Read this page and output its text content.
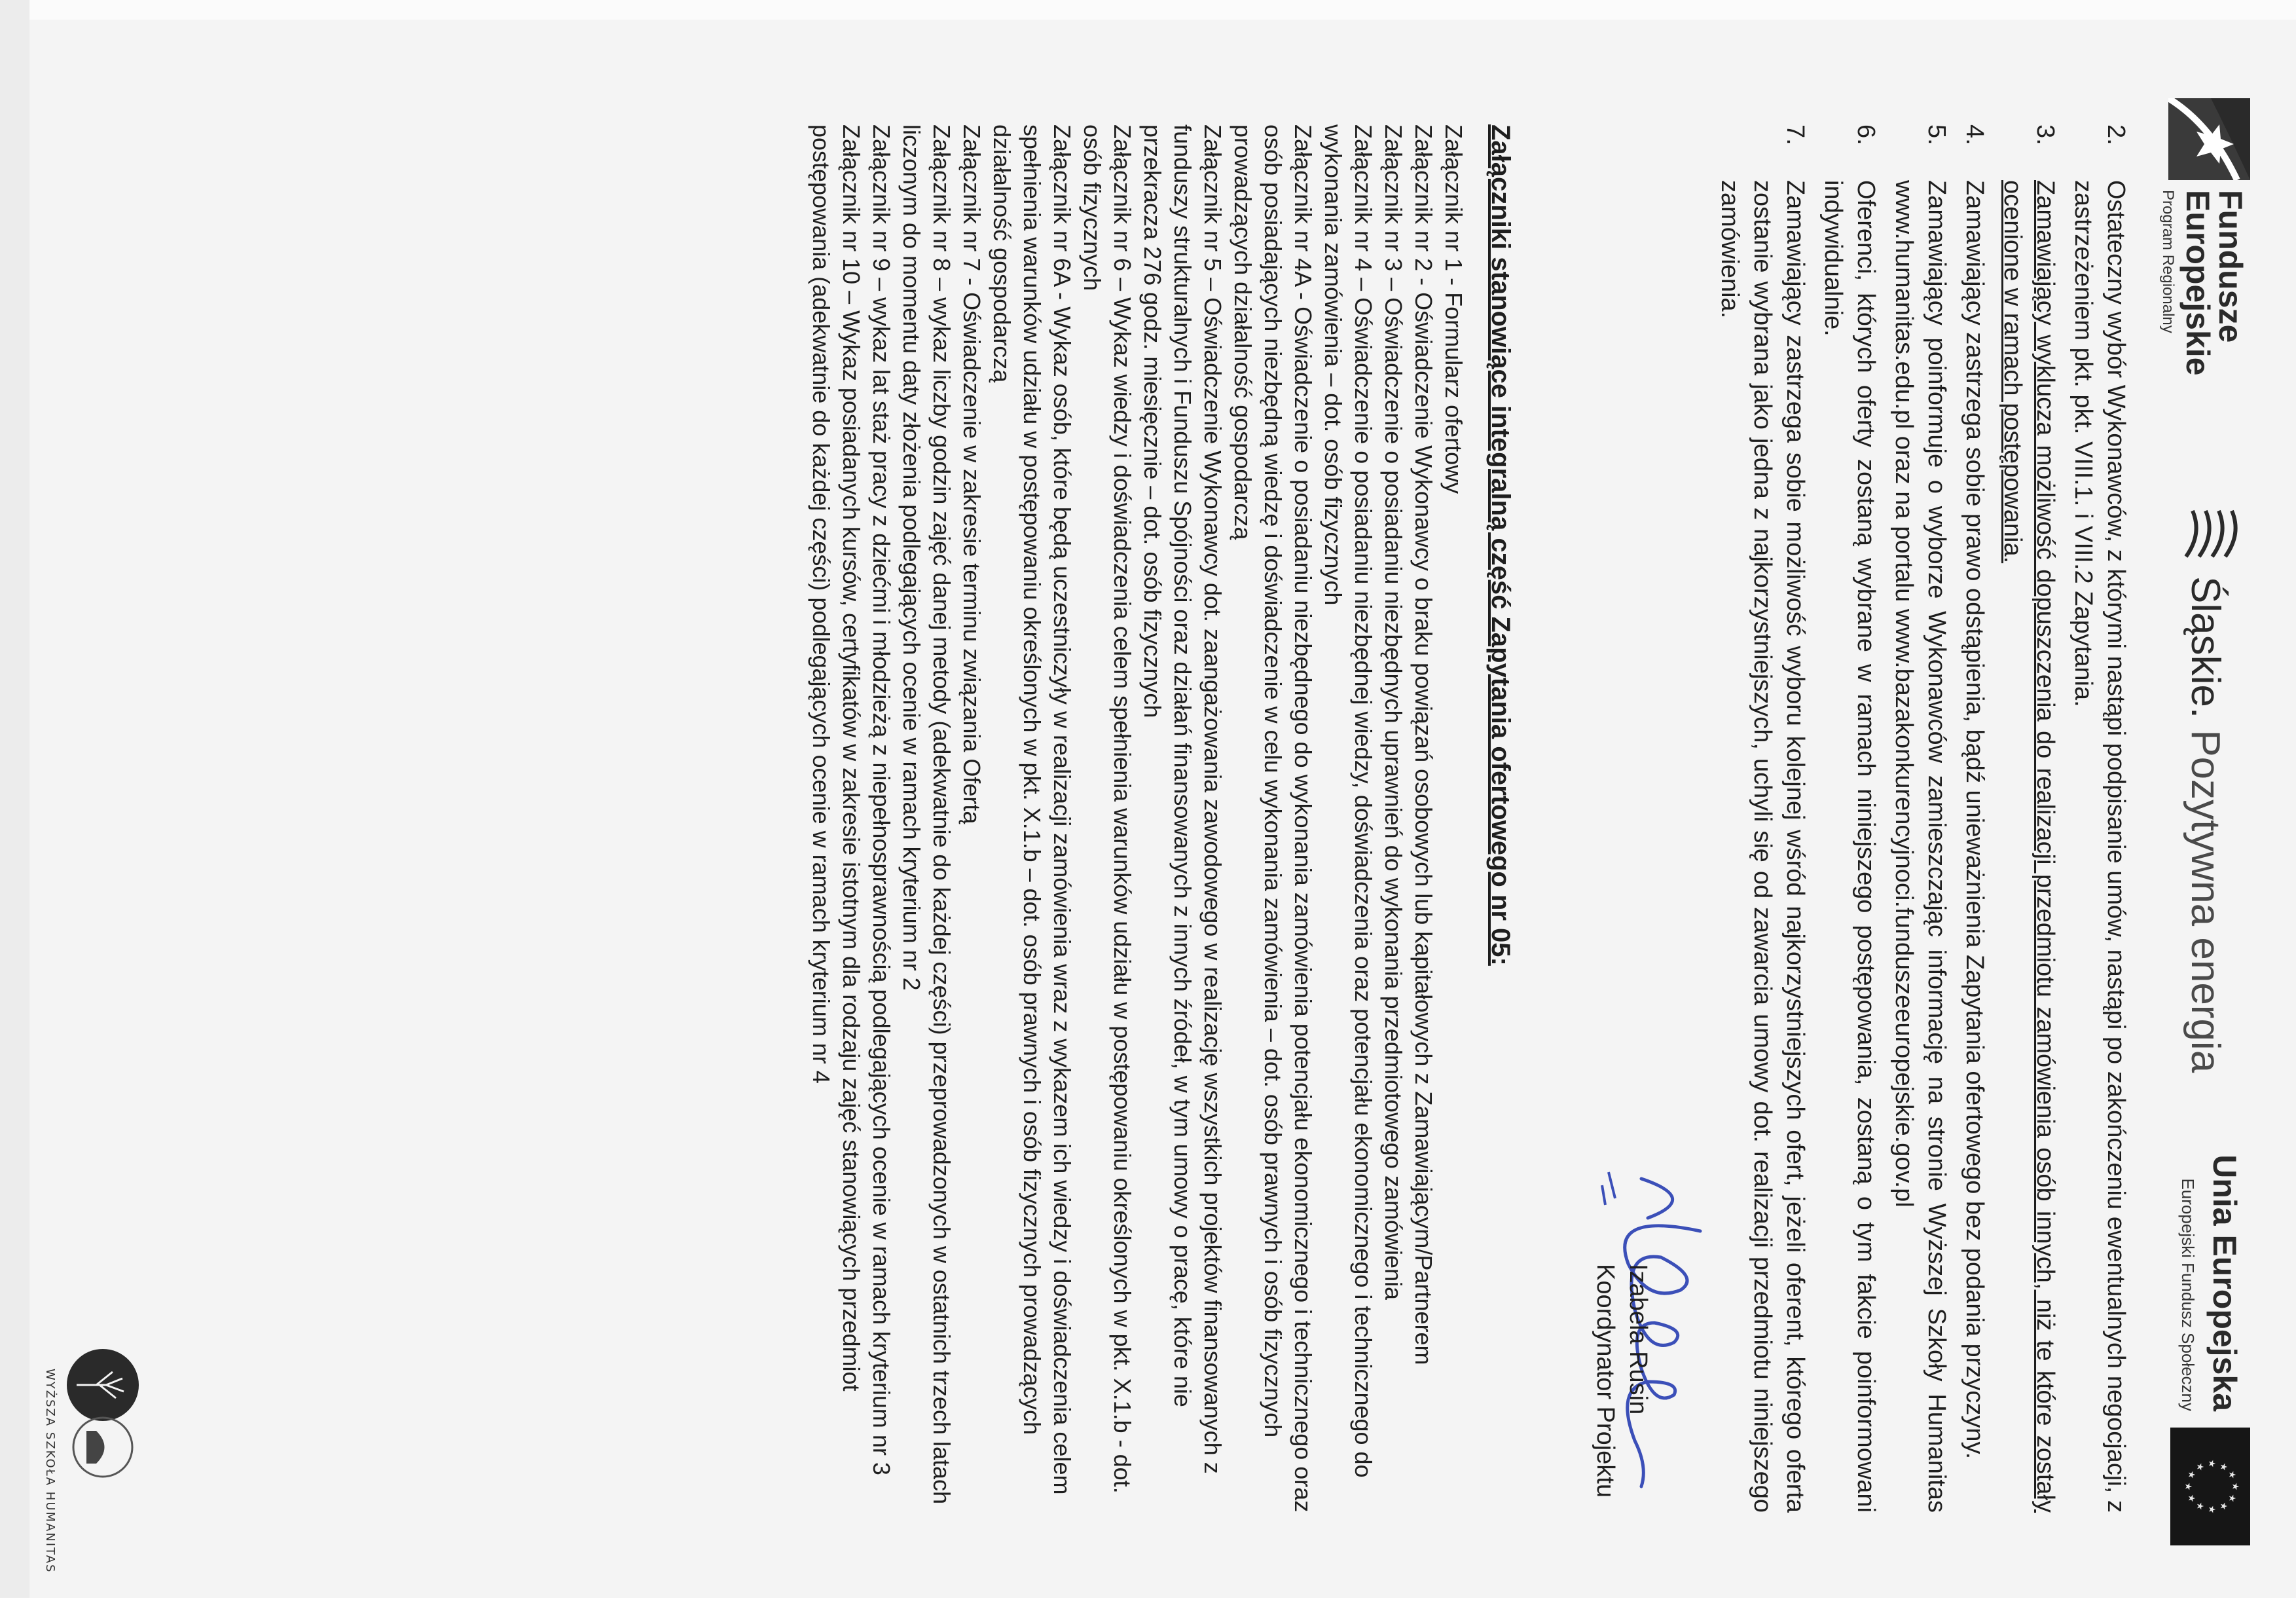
Fundusze
Europejskie
Program Regionalny
Śląskie. Pozytywna energia
Unia Europejska
Europejski Fundusz Społeczny
★
★
★
★
★
★
★
★
★ ★ ★
★
2.

Ostateczny wybór Wykonawców, z którymi nastąpi podpisanie umów, nastąpi po zakończeniu ewentualnych negocjacji, z zastrzeżeniem pkt. pkt. VIII.1. i VIII.2 Zapytania.

3.

Zamawiający wyklucza możliwość dopuszczenia do realizacji przedmiotu zamówienia osób innych, niż te które zostały ocenione w ramach postępowania.

4.

Zamawiający zastrzega sobie prawo odstąpienia, bądź unieważnienia Zapytania ofertowego bez podania przyczyny.

5.

Zamawiający poinformuje o wyborze Wykonawców zamieszczając informację na stronie Wyższej Szkoły Humanitas www.humanitas.edu.pl oraz na portalu www.bazakonkurencyjnoci.funduszeeuropejskie.gov.pl

6.

Oferenci, których oferty zostaną wybrane w ramach niniejszego postępowania, zostaną o tym fakcie poinformowani indywidualnie.

7.

Zamawiający zastrzega sobie możliwość wyboru kolejnej wśród najkorzystniejszych ofert, jeżeli oferent, którego oferta zostanie wybrana jako jedna z najkorzystniejszych, uchyli się od zawarcia umowy dot. realizacji przedmiotu niniejszego zamówienia.

Izabela Rusin
Koordynator Projektu

Załączniki stanowiące integralną część Zapytania ofertowego nr 05:

Załącznik nr 1 - Formularz ofertowy

Załącznik nr 2 - Oświadczenie Wykonawcy o braku powiązań osobowych lub kapitałowych z Zamawiającym/Partnerem

Załącznik nr 3 – Oświadczenie o posiadaniu niezbędnych uprawnień do wykonania przedmiotowego zamówienia

Załącznik nr 4 – Oświadczenie o posiadaniu niezbędnej wiedzy, doświadczenia oraz potencjału ekonomicznego i technicznego do wykonania zamówienia – dot. osób fizycznych

Załącznik nr 4A - Oświadczenie o posiadaniu niezbędnego do wykonania zamówienia potencjału ekonomicznego i technicznego oraz osób posiadających niezbędną wiedzę i doświadczenie w celu wykonania zamówienia – dot. osób prawnych i osób fizycznych prowadzących działalność gospodarczą

Załącznik nr 5 – Oświadczenie Wykonawcy dot. zaangażowania zawodowego w realizację wszystkich projektów finansowanych z funduszy strukturalnych i Funduszu Spójności oraz działań finansowanych z innych źródeł, w tym umowy o pracę, które nie przekracza 276 godz. miesięcznie – dot. osób fizycznych

Załącznik nr 6 – Wykaz wiedzy i doświadczenia celem spełnienia warunków udziału w postępowaniu określonych w pkt. X.1.b - dot. osób fizycznych

Załącznik nr 6A - Wykaz osób, które będą uczestniczyły w realizacji zamówienia wraz z wykazem ich wiedzy i doświadczenia celem spełnienia warunków udziału w postępowaniu określonych w pkt. X.1.b – dot. osób prawnych i osób fizycznych prowadzących działalność gospodarczą

Załącznik nr 7 - Oświadczenie w zakresie terminu związania Ofertą

Załącznik nr 8 – wykaz liczby godzin zajęć danej metody (adekwatnie do każdej części) przeprowadzonych w ostatnich trzech latach liczonym do momentu daty złożenia podlegających ocenie w ramach kryterium nr 2

Załącznik nr 9 – wykaz lat staż pracy z dziećmi i młodzieżą z niepełnosprawnością podlegających ocenie w ramach kryterium nr 3

Załącznik nr 10 – Wykaz posiadanych kursów, certyfikatów w zakresie istotnym dla rodzaju zajęć stanowiących przedmiot postępowania (adekwatnie do każdej części) podlegających ocenie w ramach kryterium nr 4

WYŻSZA SZKOŁA HUMANITAS
